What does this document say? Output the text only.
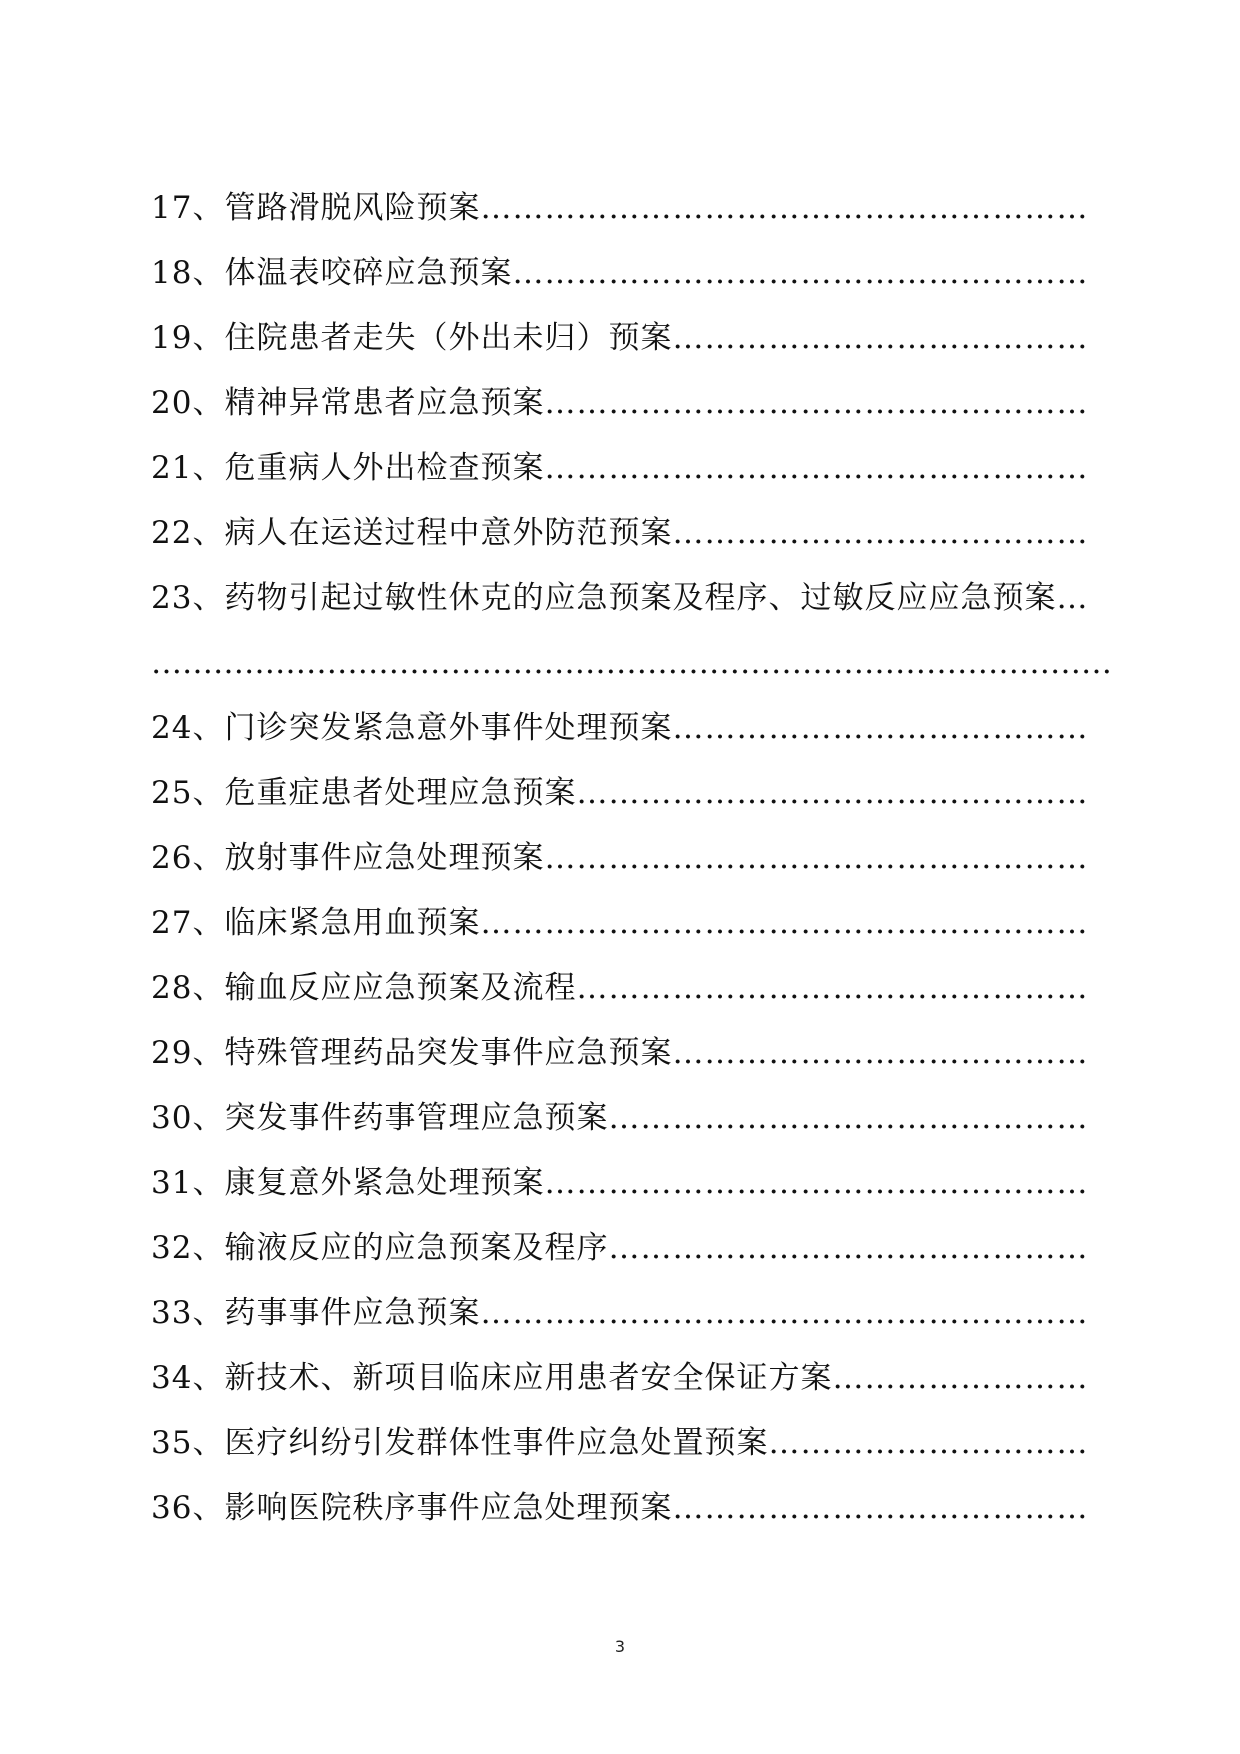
17、管路滑脱风险预案…………………………………………………
18、体温表咬碎应急预案………………………………………………
19、住院患者走失（外出未归）预案…………………………………
20、精神异常患者应急预案……………………………………………
21、危重病人外出检查预案……………………………………………
22、病人在运送过程中意外防范预案…………………………………
23、药物引起过敏性休克的应急预案及程序、过敏反应应急预案…
…………………………………………………………………………………
24、门诊突发紧急意外事件处理预案…………………………………
25、危重症患者处理应急预案…………………………………………
26、放射事件应急处理预案……………………………………………
27、临床紧急用血预案…………………………………………………
28、输血反应应急预案及流程…………………………………………
29、特殊管理药品突发事件应急预案…………………………………
30、突发事件药事管理应急预案………………………………………
31、康复意外紧急处理预案……………………………………………
32、输液反应的应急预案及程序………………………………………
33、药事事件应急预案…………………………………………………
34、新技术、新项目临床应用患者安全保证方案……………………
35、医疗纠纷引发群体性事件应急处置预案…………………………
36、影响医院秩序事件应急处理预案…………………………………
3
